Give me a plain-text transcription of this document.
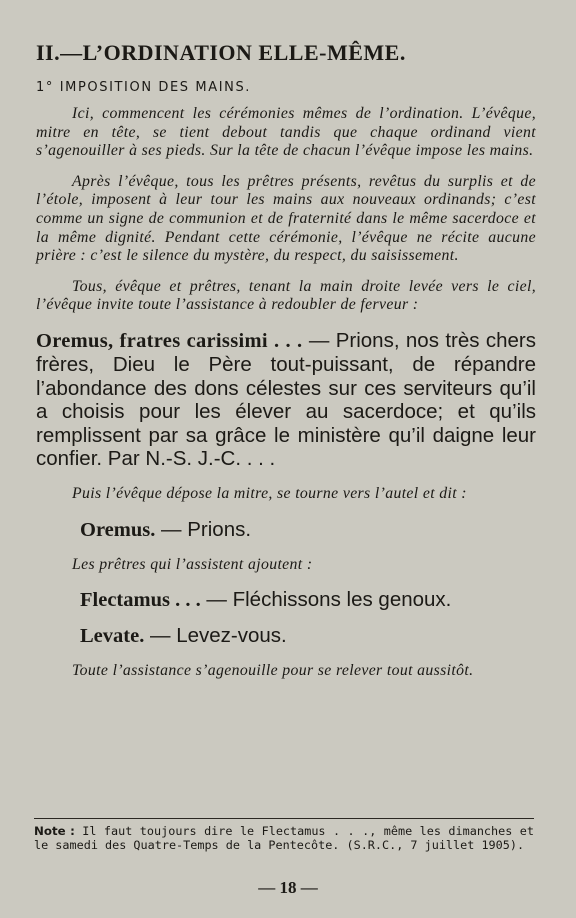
II.—L’ORDINATION ELLE-MÊME.
1° IMPOSITION DES MAINS.

Ici, commencent les cérémonies mêmes de l’ordination. L’évêque, mitre en tête, se tient debout tandis que chaque ordinand vient s’agenouiller à ses pieds. Sur la tête de chacun l’évêque impose les mains.

Après l’évêque, tous les prêtres présents, revêtus du surplis et de l’étole, imposent à leur tour les mains aux nouveaux ordinands; c’est comme un signe de communion et de fraternité dans le même sacerdoce et la même dignité. Pendant cette cérémonie, l’évêque ne récite aucune prière : c’est le silence du mystère, du respect, du saisissement.

Tous, évêque et prêtres, tenant la main droite levée vers le ciel, l’évêque invite toute l’assistance à redoubler de ferveur :

Oremus, fratres carissimi . . . — Prions, nos très chers frères, Dieu le Père tout-puissant, de répandre l’abondance des dons célestes sur ces serviteurs qu’il a choisis pour les élever au sacerdoce; et qu’ils remplissent par sa grâce le ministère qu’il daigne leur confier. Par N.-S. J.-C. . . .

Puis l’évêque dépose la mitre, se tourne vers l’autel et dit :

Oremus. — Prions.

Les prêtres qui l’assistent ajoutent :

Flectamus . . . — Fléchissons les genoux.

Levate. — Levez-vous.

Toute l’assistance s’agenouille pour se relever tout aussitôt.

Note : Il faut toujours dire le Flectamus . . ., même les dimanches et le samedi des Quatre-Temps de la Pentecôte. (S.R.C., 7 juillet 1905).

— 18 —
